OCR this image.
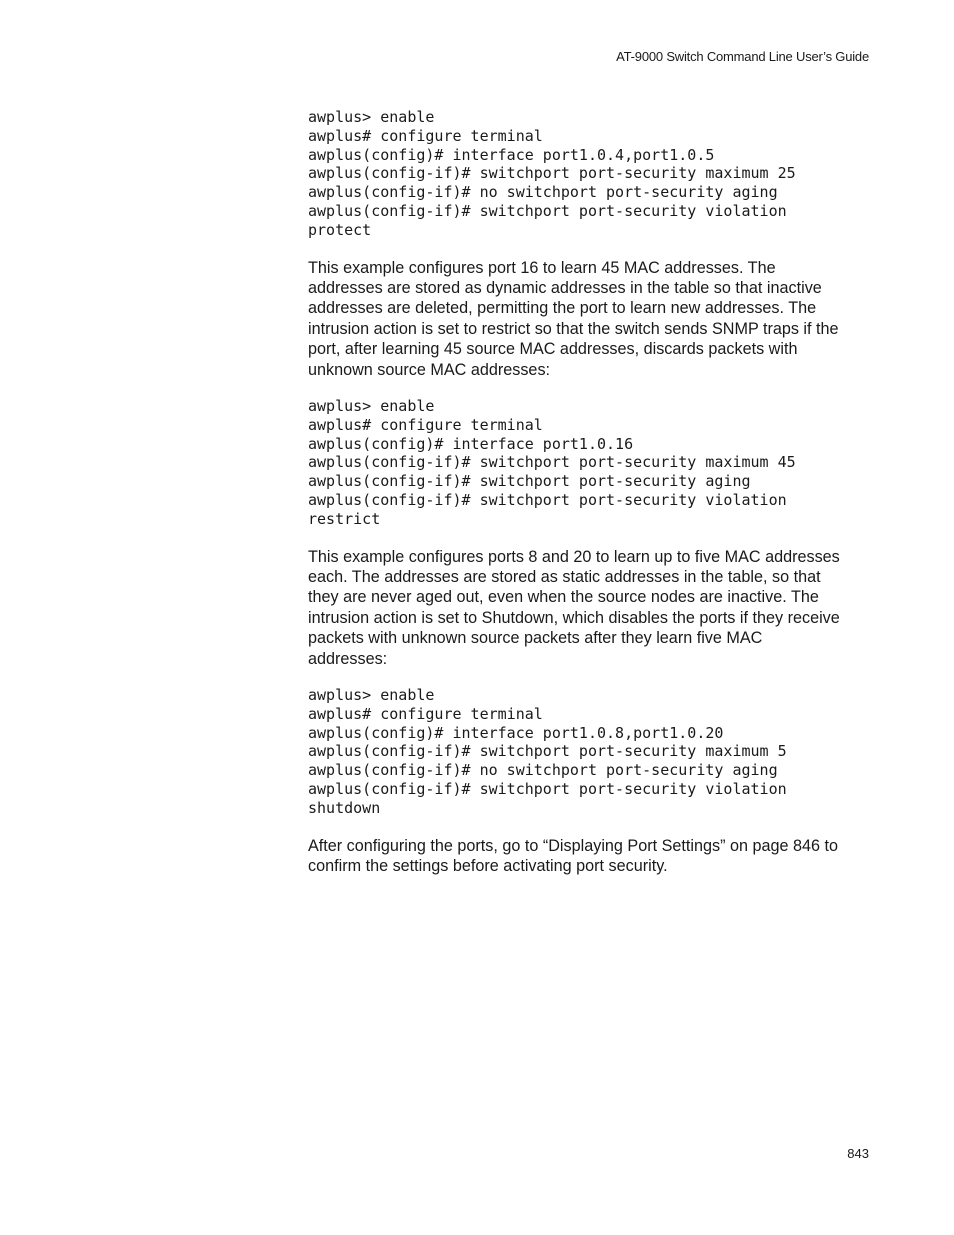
AT-9000 Switch Command Line User’s Guide
awplus> enable
awplus# configure terminal
awplus(config)# interface port1.0.4,port1.0.5
awplus(config-if)# switchport port-security maximum 25
awplus(config-if)# no switchport port-security aging
awplus(config-if)# switchport port-security violation
protect

This example configures port 16 to learn 45 MAC addresses. The
addresses are stored as dynamic addresses in the table so that inactive
addresses are deleted, permitting the port to learn new addresses. The
intrusion action is set to restrict so that the switch sends SNMP traps if the
port, after learning 45 source MAC addresses, discards packets with
unknown source MAC addresses:

awplus> enable
awplus# configure terminal
awplus(config)# interface port1.0.16
awplus(config-if)# switchport port-security maximum 45
awplus(config-if)# switchport port-security aging
awplus(config-if)# switchport port-security violation
restrict

This example configures ports 8 and 20 to learn up to five MAC addresses
each. The addresses are stored as static addresses in the table, so that
they are never aged out, even when the source nodes are inactive. The
intrusion action is set to Shutdown, which disables the ports if they receive
packets with unknown source packets after they learn five MAC
addresses:

awplus> enable
awplus# configure terminal
awplus(config)# interface port1.0.8,port1.0.20
awplus(config-if)# switchport port-security maximum 5
awplus(config-if)# no switchport port-security aging
awplus(config-if)# switchport port-security violation
shutdown

After configuring the ports, go to “Displaying Port Settings” on page 846 to
confirm the settings before activating port security.

843
